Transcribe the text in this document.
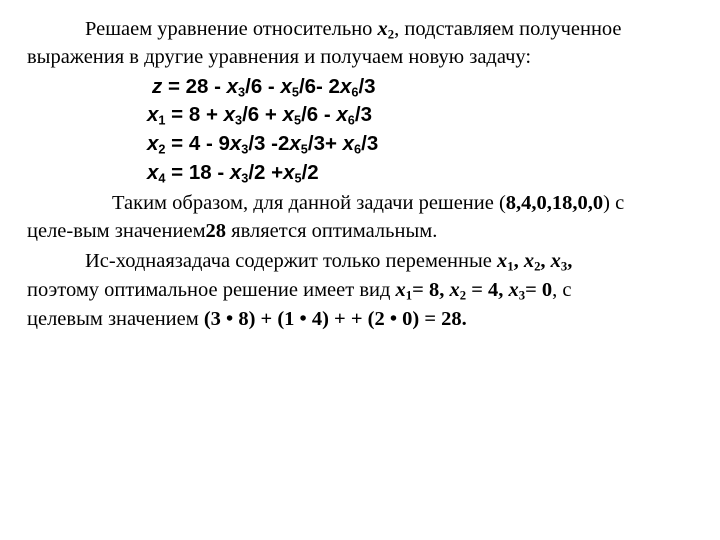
Решаем уравнение относительно $x_2$, подставляем полученное
выражения в другие уравнения и получаем новую задачу:
$z = 28 - x_3/6 - x_5/6-$ $2x_6/3$
$x_1 = 8 + x_3/6 + x_5/6 - x_6/3$
$x_2 = 4 - 9x_3/3$ $-2x_5/3+ x_6/3$
$x_4 = 18 - x_3/2 +x_5/2$
Таким образом, для данной задачи решение (8,4,0,18,0,0) с
целе-вым значением28 является оптимальным.
Ис-ходнаязадача содержит только переменные $x_1$, $x_2$, $x_3$,
поэтому оптимальное решение имеет вид $x_1= 8$, $x_2 = 4$, $x_3= 0$, с
целевым значением (3 • 8) + (1 • 4) + + (2 • 0) = 28.
